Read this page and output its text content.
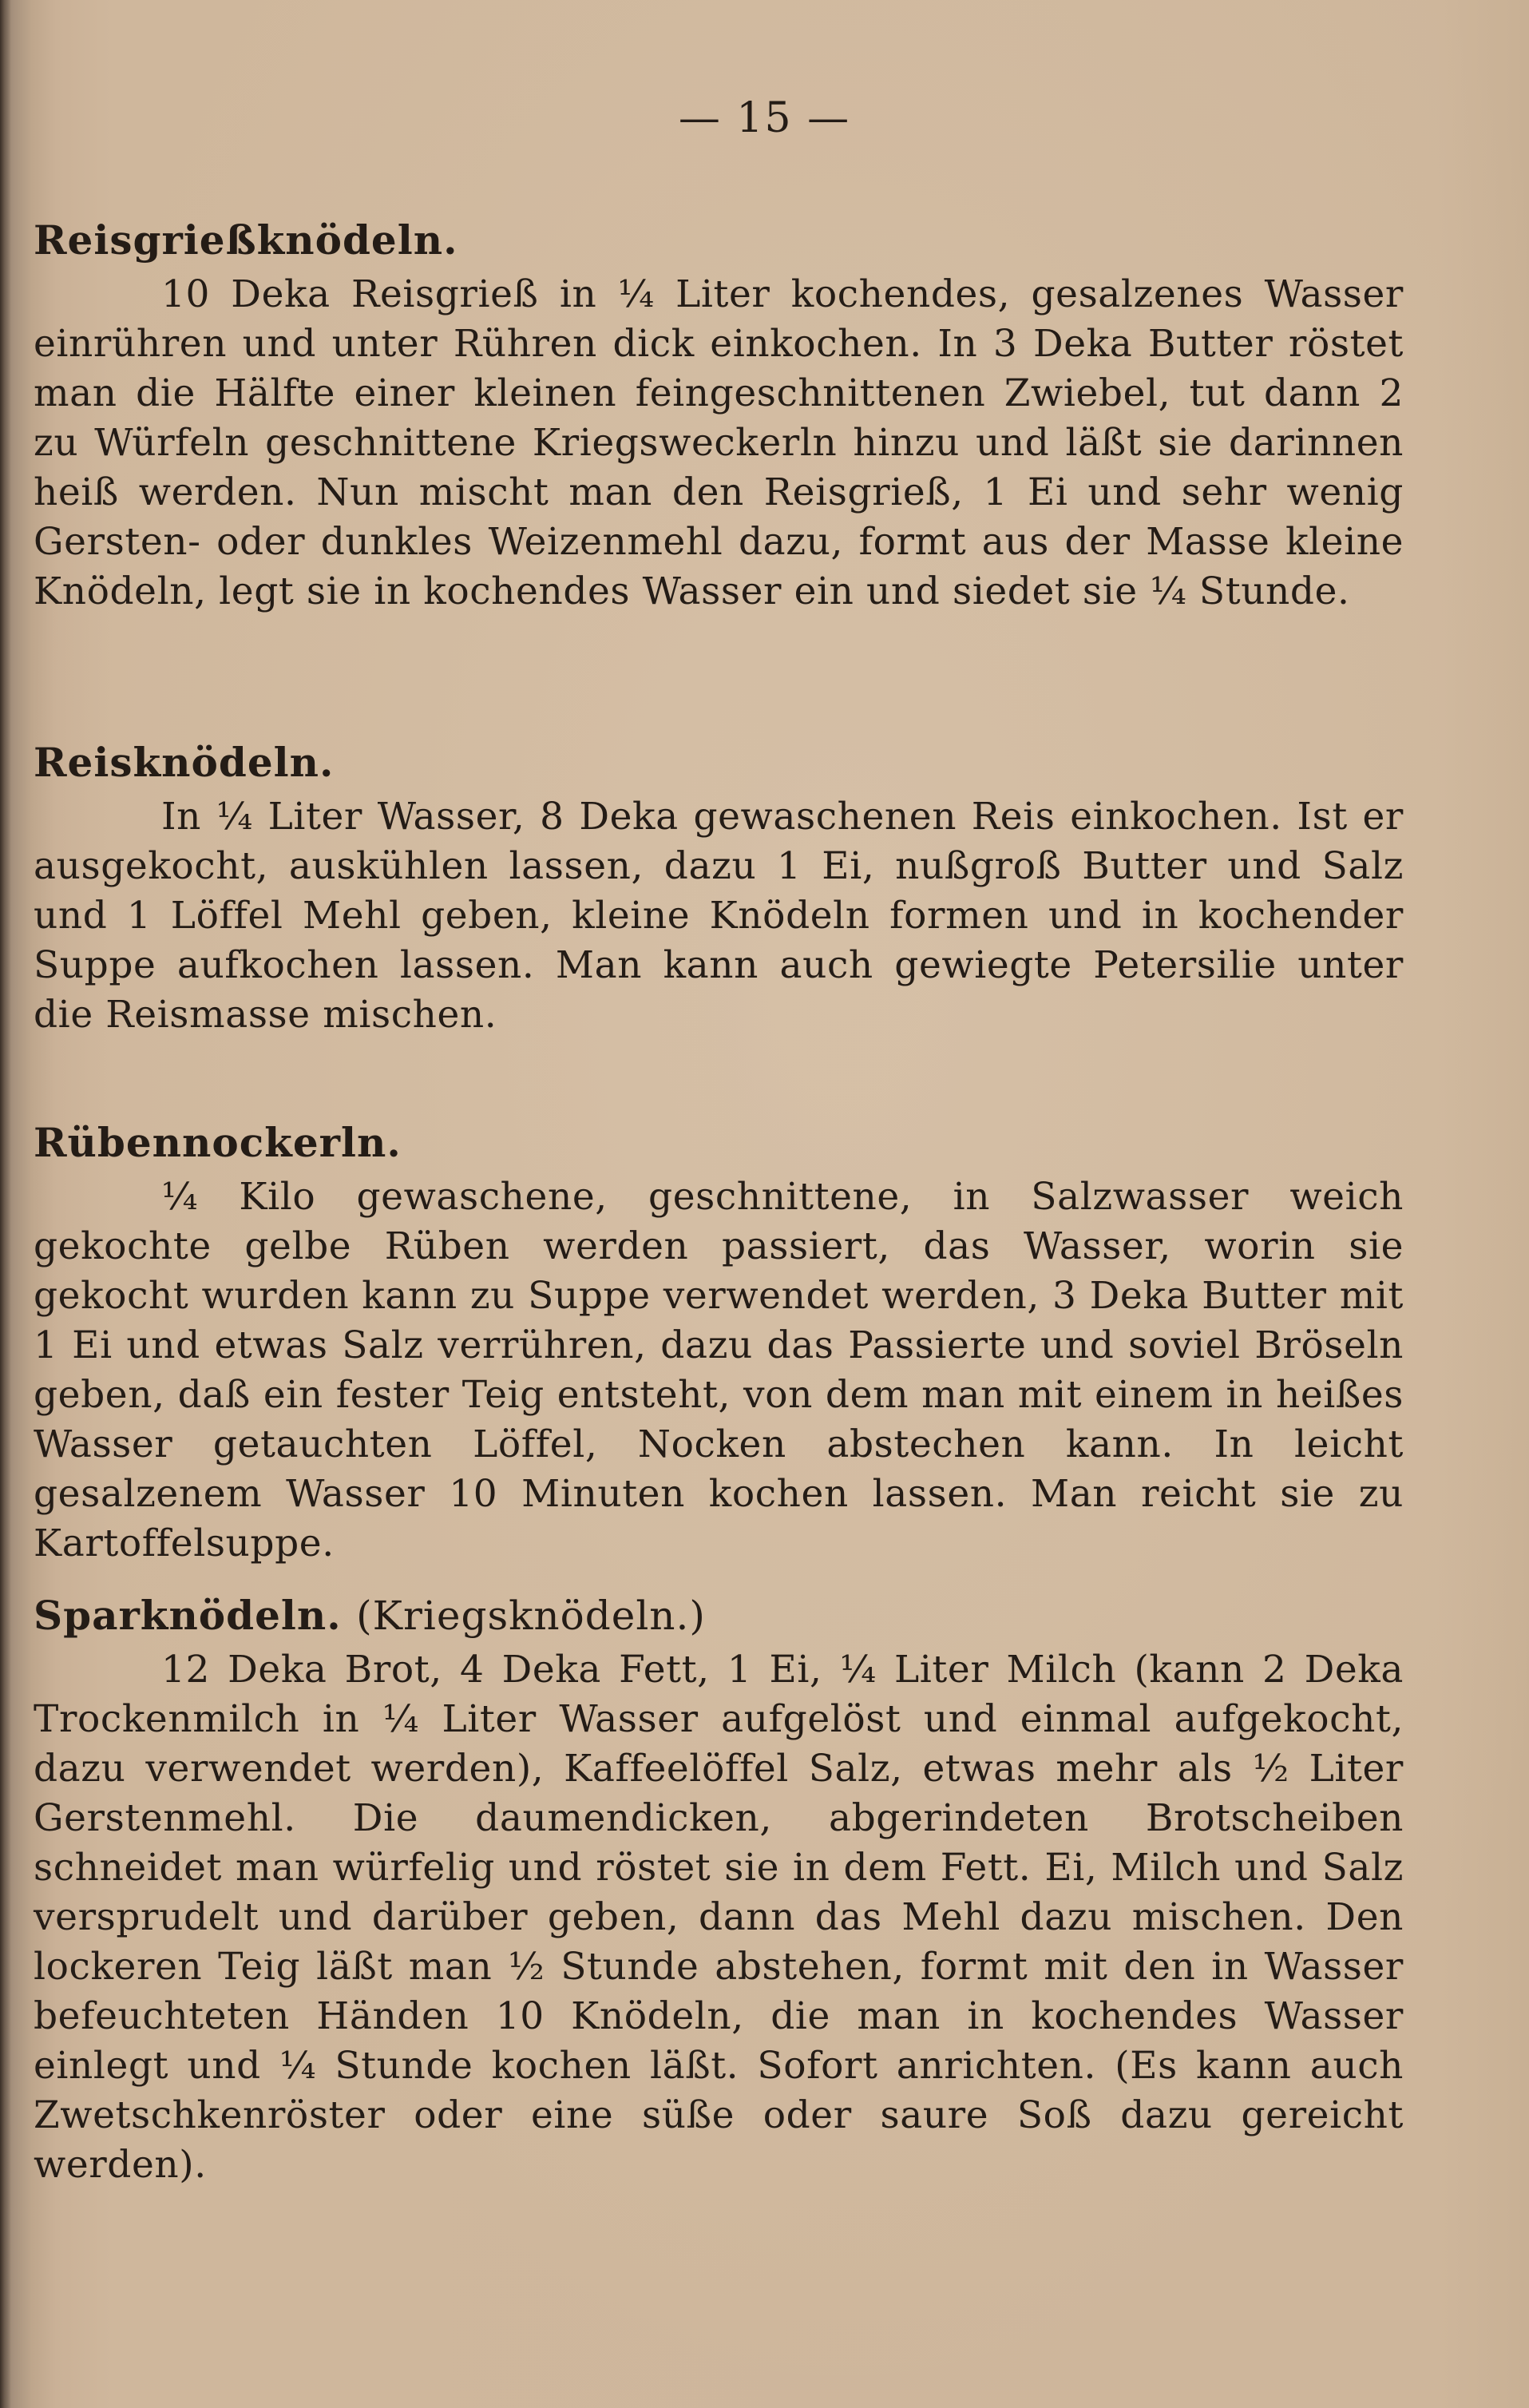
— 15 —
Reisgrießknödeln.

10 Deka Reisgrieß in ¼ Liter kochendes, gesalzenes Wasser einrühren und unter Rühren dick einkochen. In 3 Deka Butter röstet man die Hälfte einer kleinen feingeschnittenen Zwiebel, tut dann 2 zu Würfeln geschnittene Kriegsweckerln hinzu und läßt sie darinnen heiß werden. Nun mischt man den Reisgrieß, 1 Ei und sehr wenig Gersten- oder dunkles Weizenmehl dazu, formt aus der Masse kleine Knödeln, legt sie in kochendes Wasser ein und siedet sie ¼ Stunde.

Reisknödeln.

In ¼ Liter Wasser, 8 Deka gewaschenen Reis einkochen. Ist er ausgekocht, auskühlen lassen, dazu 1 Ei, nußgroß Butter und Salz und 1 Löffel Mehl geben, kleine Knödeln formen und in kochender Suppe aufkochen lassen. Man kann auch gewiegte Petersilie unter die Reismasse mischen.

Rübennockerln.

¼ Kilo gewaschene, geschnittene, in Salzwasser weich gekochte gelbe Rüben werden passiert, das Wasser, worin sie gekocht wurden kann zu Suppe verwendet werden, 3 Deka Butter mit 1 Ei und etwas Salz verrühren, dazu das Passierte und soviel Bröseln geben, daß ein fester Teig entsteht, von dem man mit einem in heißes Wasser getauchten Löffel, Nocken abstechen kann. In leicht gesalzenem Wasser 10 Minuten kochen lassen. Man reicht sie zu Kartoffelsuppe.

Sparknödeln. (Kriegsknödeln.)

12 Deka Brot, 4 Deka Fett, 1 Ei, ¼ Liter Milch (kann 2 Deka Trockenmilch in ¼ Liter Wasser aufgelöst und einmal aufgekocht, dazu verwendet werden), Kaffeelöffel Salz, etwas mehr als ½ Liter Gerstenmehl. Die daumendicken, abgerindeten Brotscheiben schneidet man würfelig und röstet sie in dem Fett. Ei, Milch und Salz versprudelt und darüber geben, dann das Mehl dazu mischen. Den lockeren Teig läßt man ½ Stunde abstehen, formt mit den in Wasser befeuchteten Händen 10 Knödeln, die man in kochendes Wasser einlegt und ¼ Stunde kochen läßt. Sofort anrichten. (Es kann auch Zwetschkenröster oder eine süße oder saure Soß dazu gereicht werden).
